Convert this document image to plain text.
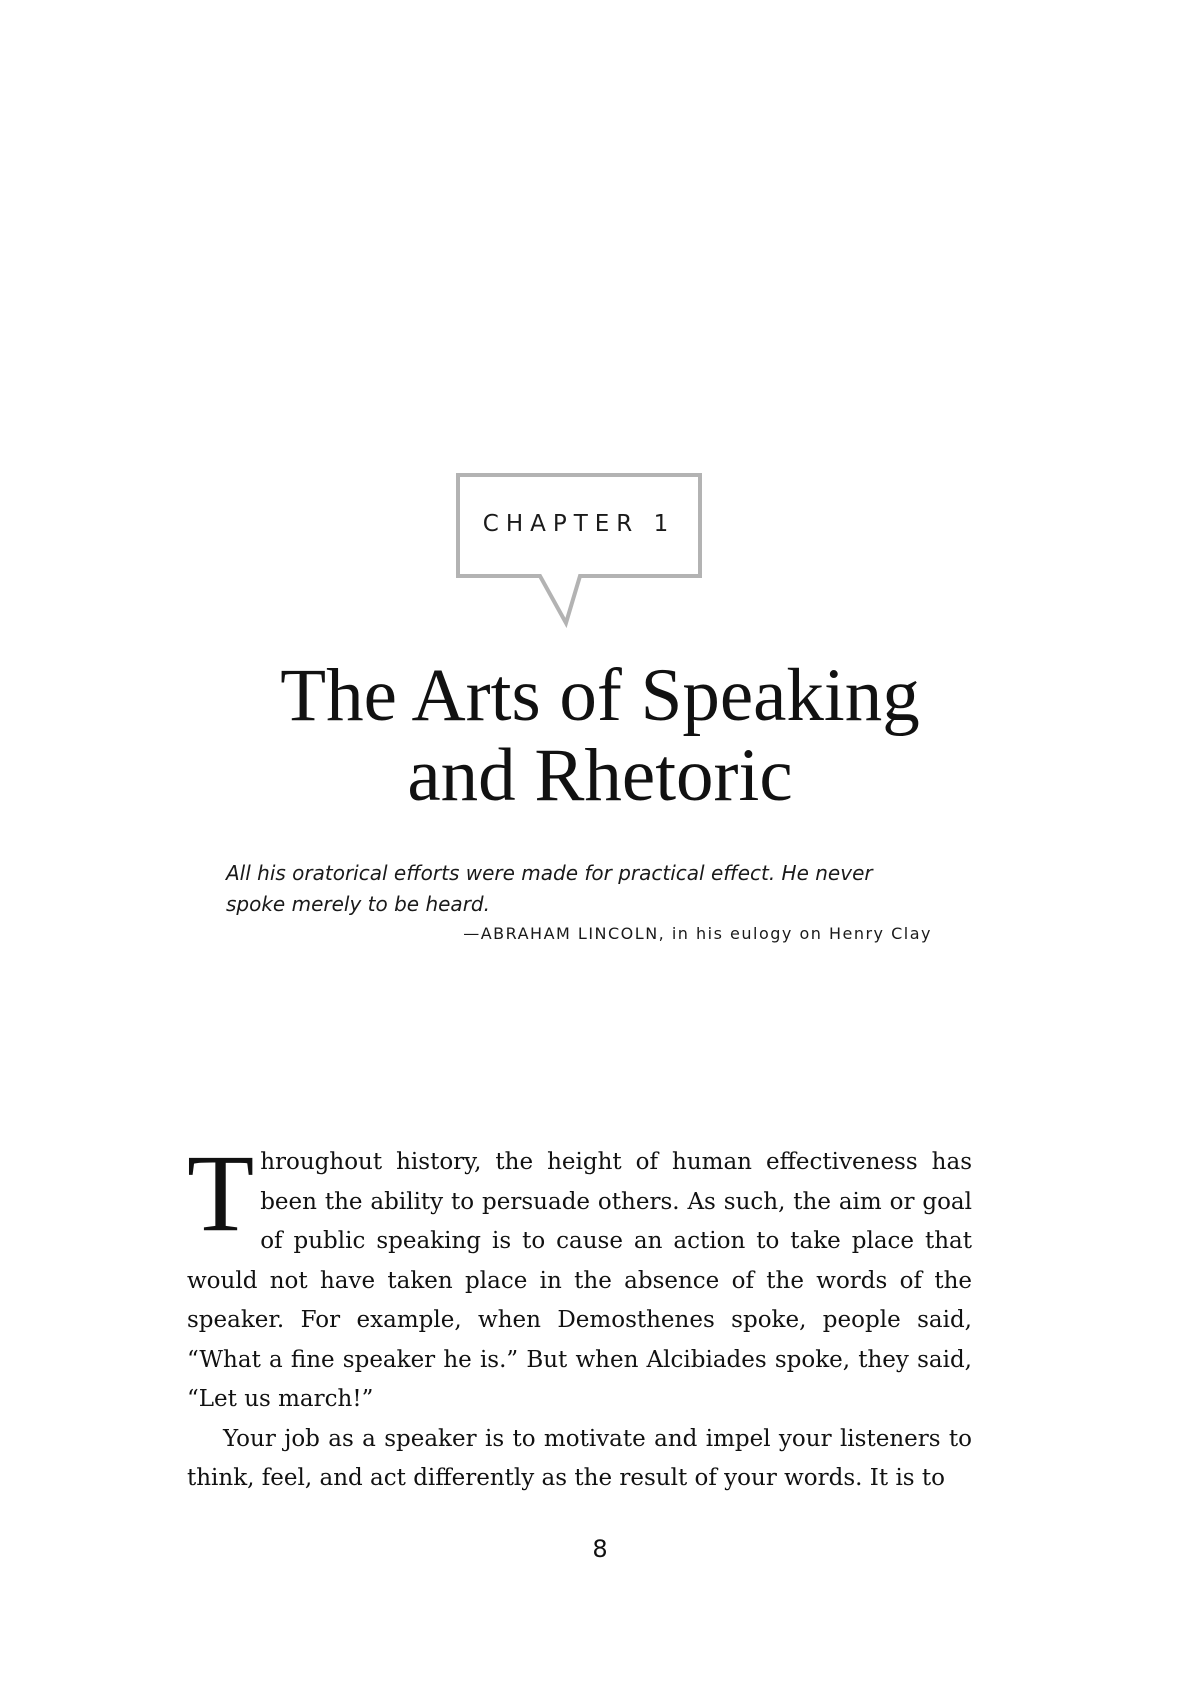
CHAPTER 1
The Arts of Speaking
and Rhetoric

All his oratorical efforts were made for practical effect. He never spoke merely to be heard.

—ABRAHAM LINCOLN, in his eulogy on Henry Clay

Throughout history, the height of human effectiveness has been the ability to persuade others. As such, the aim or goal of public speaking is to cause an action to take place that would not have taken place in the absence of the words of the speaker. For example, when Demosthenes spoke, people said, “What a fine speaker he is.” But when Alcibiades spoke, they said, “Let us march!”

Your job as a speaker is to motivate and impel your listeners to think, feel, and act differently as the result of your words. It is to

8
